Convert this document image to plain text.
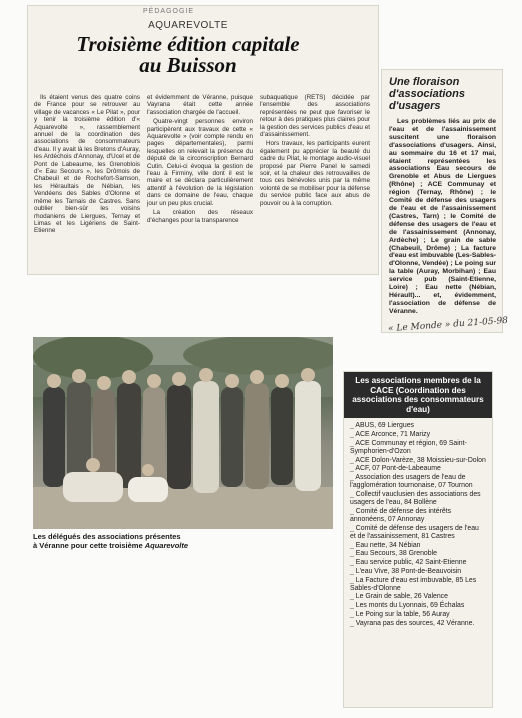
PÉDAGOGIE
AQUAREVOLTE
Troisième édition capitale
au Buisson

Ils étaient venus des quatre coins de France pour se retrouver au village de vacances « Le Pilat », pour y tenir la troisième édition d'« Aquarevolte », rassemblement annuel de la coordination des associations de consommateurs d'eau. Il y avait là les Bretons d'Auray, les Ardéchois d'Annonay, d'Ucel et de Pont de Labeaume, les Grenoblois d'« Eau Secours », les Drômois de Chabeuil et de Rochefort-Samson, les Héraultais de Nébian, les Vendéens des Sables d'Olonne et même les Tarnais de Castres. Sans oublier bien-sûr les voisins rhodaniens de Liergues, Ternay et Limas et les Ligériens de Saint-Etienne

et évidemment de Véranne, puisque Vayrana était cette année l'association chargée de l'accueil.

Quatre-vingt personnes environ participèrent aux travaux de cette « Aquarevolte » (voir compte rendu en pages départementales), parmi lesquelles on relevait la présence du député de la circonscription Bernard Cutin. Celui-ci évoqua la gestion de l'eau à Firminy, ville dont il est le maire et se déclara particulièrement attentif à l'évolution de la législation dans ce domaine de l'eau, chaque jour un peu plus crucial.

La création des réseaux d'échanges pour la transparence

subaquatique (RETS) décidée par l'ensemble des associations représentées ne peut que favoriser le retour à des pratiques plus claires pour la gestion des services publics d'eau et d'assainissement.

Hors travaux, les participants eurent également pu apprécier la beauté du cadre du Pilat, le montage audio-visuel proposé par Pierre Panel le samedi soir, et la chaleur des retrouvailles de tous ces bénévoles unis par la même volonté de se mobiliser pour la défense du service public face aux abus de pouvoir ou à la corruption.

Une floraison
d'associations d'usagers

Les problèmes liés au prix de l'eau et de l'assainissement suscitent une floraison d'associations d'usagers. Ainsi, au sommaire du 16 et 17 mai, étaient représentées les associations Eau secours de Grenoble et Abus de Liergues (Rhône) ; ACE Communay et région (Ternay, Rhône) ; le Comité de défense des usagers de l'eau et de l'assainissement (Castres, Tarn) ; le Comité de défense des usagers de l'eau et de l'assainissement (Annonay, Ardèche) ; Le grain de sable (Chabeuil, Drôme) ; La facture d'eau est imbuvable (Les-Sables-d'Olonne, Vendée) ; Le poing sur la table (Auray, Morbihan) ; Eau service pub (Saint-Etienne, Loire) ; Eau nette (Nébian, Hérault)... et, évidemment, l'association de défense de Véranne.

« Le Monde » du 21-05-98
Les délégués des associations présentes
à Véranne pour cette troisième Aquarevolte
Les associations membres de la CACE (Coordination des associations des consommateurs d'eau)
_ ABUS, 69 Liergues
_ ACE Arconce, 71 Marizy
_ ACE Communay et région, 69 Saint-Symphorien-d'Ozon
_ ACE Dolon-Varèze, 38 Moissieu-sur-Dolon
_ ACF, 07 Pont-de-Labeaume
_ Association des usagers de l'eau de l'agglomération tournonaise, 07 Tournon
_ Collectif vauclusien des associations des usagers de l'eau, 84 Bollène
_ Comité de défense des intérêts annonéens, 07 Annonay
_ Comité de défense des usagers de l'eau et de l'assainissement, 81 Castres
_ Eau nette, 34 Nébian
_ Eau Secours, 38 Grenoble
_ Eau service public, 42 Saint-Etienne
_ L'eau Vive, 38 Pont-de-Beauvoisin
_ La Facture d'eau est imbuvable, 85 Les Sables-d'Olonne
_ Le Grain de sable, 26 Valence
_ Les monts du Lyonnais, 69 Échalas
_ Le Poing sur la table, 56 Auray
_ Vayrana pas des sources, 42 Véranne.
